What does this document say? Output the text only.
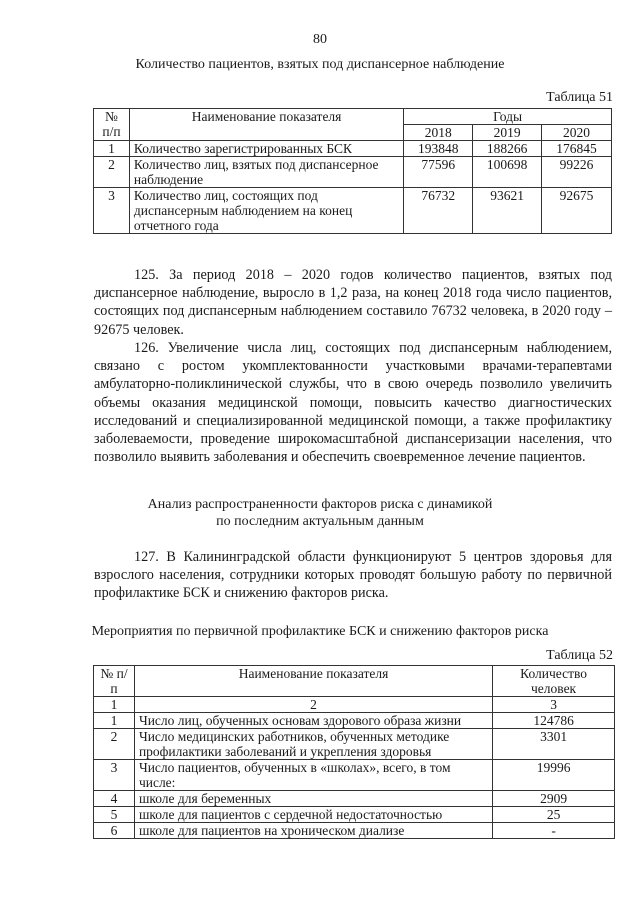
80
Количество пациентов, взятых под диспансерное наблюдение
Таблица 51
№ п/п	Наименование показателя	Годы		
		2018	2019	2020
1	Количество зарегистрированных БСК	193848	188266	176845
2	Количество лиц, взятых под диспансерное наблюдение	77596	100698	99226
3	Количество лиц, состоящих под диспансерным наблюдением на конец отчетного года	76732	93621	92675

125. За период 2018 – 2020 годов количество пациентов, взятых под диспансерное наблюдение, выросло в 1,2 раза, на конец 2018 года число пациентов, состоящих под диспансерным наблюдением составило 76732 человека, в 2020 году – 92675 человек.

126. Увеличение числа лиц, состоящих под диспансерным наблюдением, связано с ростом укомплектованности участковыми врачами-терапевтами амбулаторно-поликлинической службы, что в свою очередь позволило увеличить объемы оказания медицинской помощи, повысить качество диагностических исследований и специализированной медицинской помощи, а также профилактику заболеваемости, проведение широкомасштабной диспансеризации населения, что позволило выявить заболевания и обеспечить своевременное лечение пациентов.

Анализ распространенности факторов риска с динамикой
по последним актуальным данным

127. В Калининградской области функционируют 5 центров здоровья для взрослого населения, сотрудники которых проводят большую работу по первичной профилактике БСК и снижению факторов риска.

Мероприятия по первичной профилактике БСК и снижению факторов риска
Таблица 52
№ п/п	Наименование показателя	Количество человек
1	2	3
1	Число лиц, обученных основам здорового образа жизни	124786
2	Число медицинских работников, обученных методике профилактики заболеваний и укрепления здоровья	3301
3	Число пациентов, обученных в «школах», всего, в том числе:	19996
4	школе для беременных	2909
5	школе для пациентов с сердечной недостаточностью	25
6	школе для пациентов на хроническом диализе	-
